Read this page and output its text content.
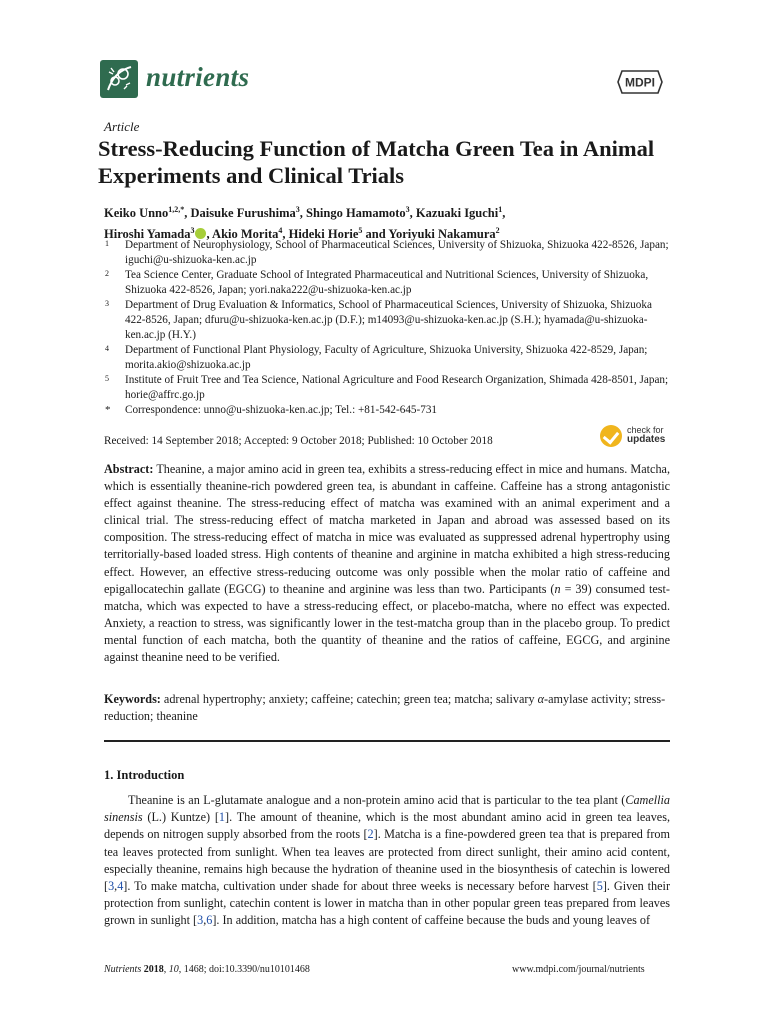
nutrients	MDPI
Article
Stress-Reducing Function of Matcha Green Tea in Animal Experiments and Clinical Trials
Keiko Unno$^{1,2,*}$, Daisuke Furushima$^3$, Shingo Hamamoto$^3$, Kazuaki Iguchi$^1$,
Hiroshi Yamada$^3$ , Akio Morita$^4$, Hideki Horie$^5$ and Yoriyuki Nakamura$^2$
1 Department of Neurophysiology, School of Pharmaceutical Sciences, University of Shizuoka, Shizuoka 422-8526, Japan; iguchi@u-shizuoka-ken.ac.jp
2 Tea Science Center, Graduate School of Integrated Pharmaceutical and Nutritional Sciences, University of Shizuoka, Shizuoka 422-8526, Japan; yori.naka222@u-shizuoka-ken.ac.jp
3 Department of Drug Evaluation & Informatics, School of Pharmaceutical Sciences, University of Shizuoka, Shizuoka 422-8526, Japan; dfuru@u-shizuoka-ken.ac.jp (D.F.); m14093@u-shizuoka-ken.ac.jp (S.H.); hyamada@u-shizuoka-ken.ac.jp (H.Y.)
4 Department of Functional Plant Physiology, Faculty of Agriculture, Shizuoka University, Shizuoka 422-8529, Japan; morita.akio@shizuoka.ac.jp
5 Institute of Fruit Tree and Tea Science, National Agriculture and Food Research Organization, Shimada 428-8501, Japan; horie@affrc.go.jp
* Correspondence: unno@u-shizuoka-ken.ac.jp; Tel.: +81-542-645-731
Received: 14 September 2018; Accepted: 9 October 2018; Published: 10 October 2018
check for
updates
Abstract: Theanine, a major amino acid in green tea, exhibits a stress-reducing effect in mice and humans. Matcha, which is essentially theanine-rich powdered green tea, is abundant in caffeine. Caffeine has a strong antagonistic effect against theanine. The stress-reducing effect of matcha was examined with an animal experiment and a clinical trial. The stress-reducing effect of matcha marketed in Japan and abroad was assessed based on its composition. The stress-reducing effect of matcha in mice was evaluated as suppressed adrenal hypertrophy using territorially-based loaded stress. High contents of theanine and arginine in matcha exhibited a high stress-reducing effect. However, an effective stress-reducing outcome was only possible when the molar ratio of caffeine and epigallocatechin gallate (EGCG) to theanine and arginine was less than two. Participants (n = 39) consumed test-matcha, which was expected to have a stress-reducing effect, or placebo-matcha, where no effect was expected. Anxiety, a reaction to stress, was significantly lower in the test-matcha group than in the placebo group. To predict mental function of each matcha, both the quantity of theanine and the ratios of caffeine, EGCG, and arginine against theanine need to be verified.
Keywords: adrenal hypertrophy; anxiety; caffeine; catechin; green tea; matcha; salivary α-amylase activity; stress-reduction; theanine
1. Introduction
Theanine is an L-glutamate analogue and a non-protein amino acid that is particular to the tea plant (Camellia sinensis (L.) Kuntze) [1]. The amount of theanine, which is the most abundant amino acid in green tea leaves, depends on nitrogen supply absorbed from the roots [2]. Matcha is a fine-powdered green tea that is prepared from tea leaves protected from sunlight. When tea leaves are protected from direct sunlight, their amino acid content, especially theanine, remains high because the hydration of theanine used in the biosynthesis of catechin is lowered [3,4]. To make matcha, cultivation under shade for about three weeks is necessary before harvest [5]. Given their protection from sunlight, catechin content is lower in matcha than in other popular green teas prepared from leaves grown in sunlight [3,6]. In addition, matcha has a high content of caffeine because the buds and young leaves of
Nutrients 2018, 10, 1468; doi:10.3390/nu10101468	www.mdpi.com/journal/nutrients
